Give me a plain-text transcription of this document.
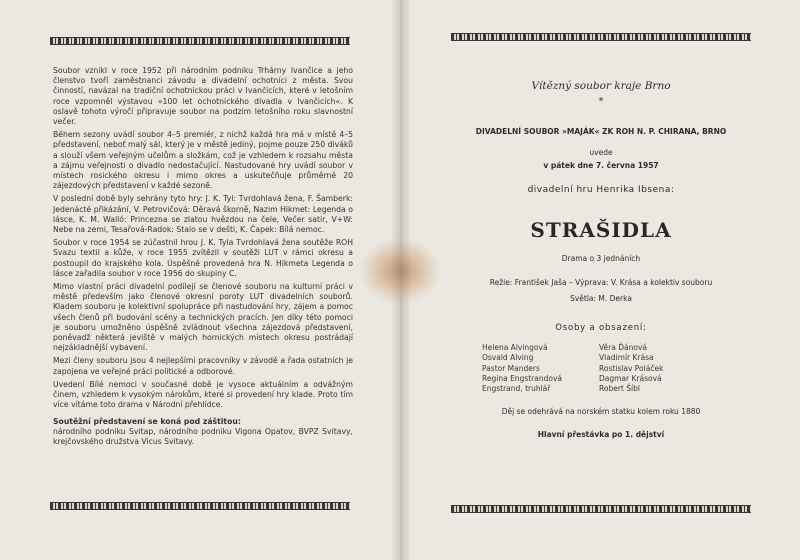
Soubor vznikl v roce 1952 při národním podniku Trhárny Ivančice a jeho členstvo tvoří zaměstnanci závodu a divadelní ochotníci z města. Svou činností, navázal na tradiční ochotnickou práci v Ivančicích, které v letošním roce vzpomněl výstavou »100 let ochotnického divadla v Ivančicích«. K oslavě tohoto výročí připravuje soubor na podzim letošního roku slavnostní večer.

Během sezony uvádí soubor 4–5 premiér, z nichž každá hra má v místě 4–5 představení, neboť malý sál, který je v městě jediný, pojme pouze 250 diváků a slouží všem veřejným učelům a složkám, což je vzhledem k rozsahu města a zájmu veřejnosti o divadlo nedostačující. Nastudované hry uvádí soubor v místech rosického okresu i mimo okres a uskutečňuje průměrně 20 zájezdových představení v každé sezoně.

V poslední době byly sehrány tyto hry: J. K. Tyl: Tvrdohlavá žena, F. Šamberk: Jedenácté přikázání, V. Petrovičová: Děravá škorně, Nazim Hikmet: Legenda o lásce, K. M. Walló: Princezna se zlatou hvězdou na čele, Večer satir, V+W: Nebe na zemi, Tesařová-Radok: Stalo se v dešti, K. Čapek: Bílá nemoc.

Soubor v roce 1954 se zúčastnil hrou J. K. Tyla Tvrdohlavá žena soutěže ROH Svazu textil a kůže, v roce 1955 zvítězil v soutěži LUT v rámci okresu a postoupil do krajského kola. Úspěšně provedená hra N. Hikmeta Legenda o lásce zařadila soubor v roce 1956 do skupiny C.

Mimo vlastní práci divadelní podílejí se členové souboru na kulturní práci v městě především jako členové okresní poroty LUT divadelních souborů. Kladem souboru je kolektivní spolupráce při nastudování hry, zájem a pomoc všech členů při budování scény a technických pracích. Jen díky této pomoci je souboru umožněno úspěšně zvládnout všechna zájezdová představení, poněvadž některá jeviště v malých hornických místech okresu postrádají nejzákladnější vybavení.

Mezi členy souboru jsou 4 nejlepšími pracovníky v závodě a řada ostatních je zapojena ve veřejné práci politické a odborové.

Uvedení Bílé nemoci v současné době je vysoce aktuálním a odvážným činem, vzhledem k vysokým nárokům, které si provedení hry klade. Proto tím více vítáme toto drama v Národní přehlídce.

Soutěžní představení se koná pod záštitou:

národního podniku Svitap, národního podniku Vigona Opatov, BVPZ Svitavy, krejčovského družstva Vicus Svitavy.

Vítězný soubor kraje Brno
*
DIVADELNÍ SOUBOR »MAJÁK« ZK ROH N. P. CHIRANA, BRNO
uvede
v pátek dne 7. června 1957
divadelní hru Henrika Ibsena:
STRAŠIDLA
Drama o 3 jednáních
Režie: František Jaša – Výprava: V. Krása a kolektiv souboru
Světla: M. Derka
Osoby a obsazení:
Helena Alvingová
Osvald Alving
Pastor Manders
Regina Engstrandová
Engstrand, truhlář
Věra Ďánová
Vladimír Krása
Rostislav Poláček
Dagmar Krásová
Robert Šíbl
Děj se odehrává na norském statku kolem roku 1880
Hlavní přestávka po 1. dějství
